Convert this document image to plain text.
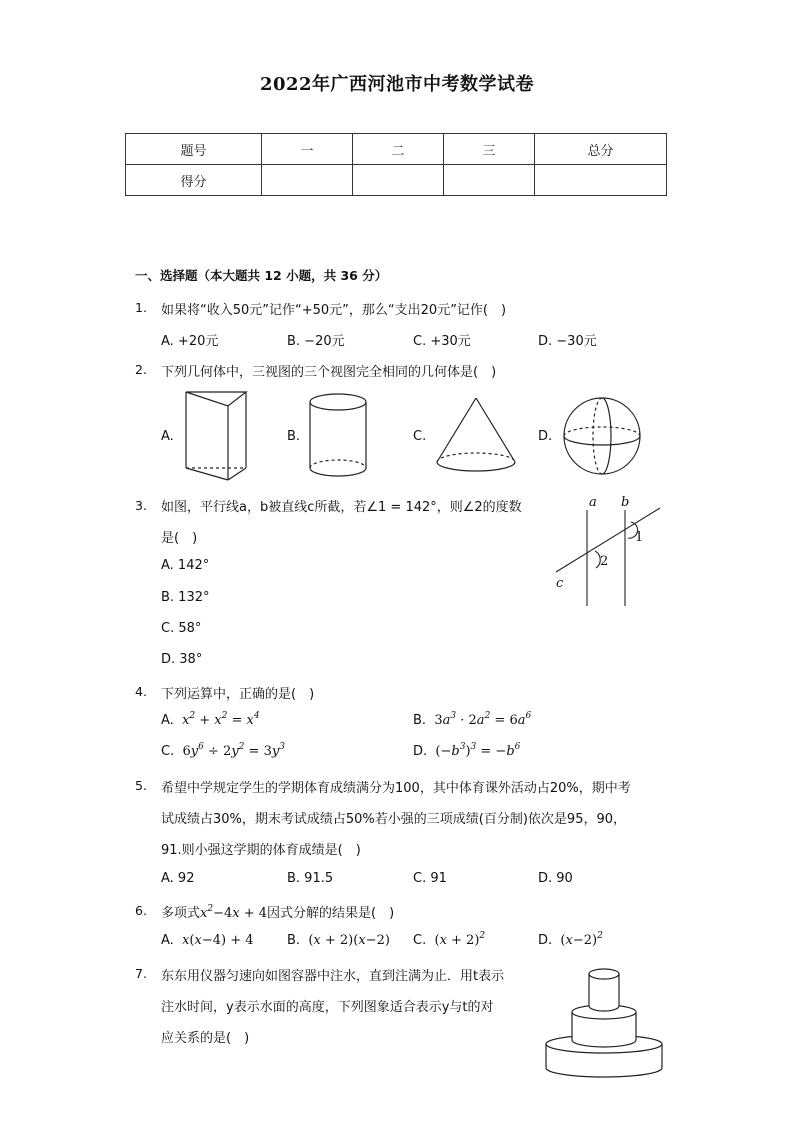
2022年广西河池市中考数学试卷
题号	一	二	三	总分
得分				
一、选择题（本大题共 12 小题，共 36 分）
1. 如果将“收入50元”记作“+50元”，那么“支出20元”记作(　)
A. +20元	B. −20元	C. +30元	D. −30元
2. 下列几何体中，三视图的三个视图完全相同的几何体是(　)
A.	B.	C.	D.
3. 如图，平行线a，b被直线c所截，若∠1 = 142°，则∠2的度数
是(　)
A. 142°
B. 132°
C. 58°
D. 38°
a b
c
1
2
4. 下列运算中，正确的是(　)
A. $x^2 + x^2 = x^4$	B. $3a^3 \cdot 2a^2 = 6a^6$
C. $6y^6 \div 2y^2 = 3y^3$	D. $(-b^3)^3 = -b^6$
5. 希望中学规定学生的学期体育成绩满分为100，其中体育课外活动占20%，期中考
试成绩占30%，期末考试成绩占50%若小强的三项成绩(百分制)依次是95，90，
91.则小强这学期的体育成绩是(　)
A. 92	B. 91.5	C. 91	D. 90
6. 多项式$x^2-4x + 4$因式分解的结果是(　)
A. x(x−4) + 4	B. (x + 2)(x−2) C. $(x + 2)^2$	D. $(x-2)^2$
7. 东东用仪器匀速向如图容器中注水，直到注满为止．用t表示
注水时间，y表示水面的高度，下列图象适合表示y与t的对
应关系的是(　)
